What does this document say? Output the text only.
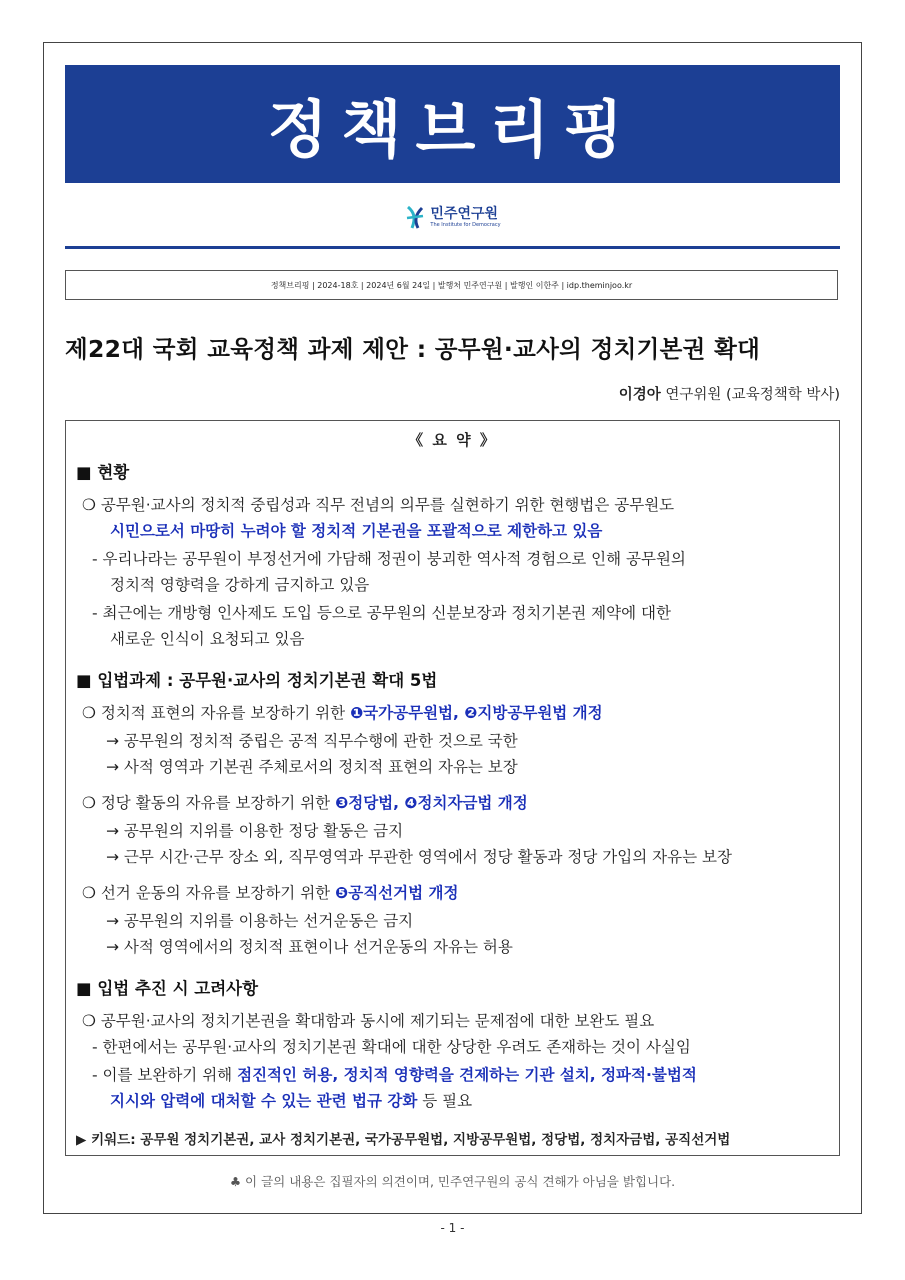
정책브리핑
민주연구원
The Institute for Democracy
정책브리핑 | 2024-18호 | 2024년 6월 24일 | 발행처 민주연구원 | 발행인 이한주 | idp.theminjoo.kr
제22대 국회 교육정책 과제 제안 : 공무원·교사의 정치기본권 확대
이경아 연구위원 (교육정책학 박사)
《 요 약 》
■ 현황
❍ 공무원·교사의 정치적 중립성과 직무 전념의 의무를 실현하기 위한 현행법은 공무원도
시민으로서 마땅히 누려야 할 정치적 기본권을 포괄적으로 제한하고 있음
- 우리나라는 공무원이 부정선거에 가담해 정권이 붕괴한 역사적 경험으로 인해 공무원의
정치적 영향력을 강하게 금지하고 있음
- 최근에는 개방형 인사제도 도입 등으로 공무원의 신분보장과 정치기본권 제약에 대한
새로운 인식이 요청되고 있음
■ 입법과제 : 공무원·교사의 정치기본권 확대 5법
❍ 정치적 표현의 자유를 보장하기 위한 ❶국가공무원법, ❷지방공무원법 개정
→ 공무원의 정치적 중립은 공적 직무수행에 관한 것으로 국한
→ 사적 영역과 기본권 주체로서의 정치적 표현의 자유는 보장
❍ 정당 활동의 자유를 보장하기 위한 ❸정당법, ❹정치자금법 개정
→ 공무원의 지위를 이용한 정당 활동은 금지
→ 근무 시간·근무 장소 외, 직무영역과 무관한 영역에서 정당 활동과 정당 가입의 자유는 보장
❍ 선거 운동의 자유를 보장하기 위한 ❺공직선거법 개정
→ 공무원의 지위를 이용하는 선거운동은 금지
→ 사적 영역에서의 정치적 표현이나 선거운동의 자유는 허용
■ 입법 추진 시 고려사항
❍ 공무원·교사의 정치기본권을 확대함과 동시에 제기되는 문제점에 대한 보완도 필요
- 한편에서는 공무원·교사의 정치기본권 확대에 대한 상당한 우려도 존재하는 것이 사실임
- 이를 보완하기 위해 점진적인 허용, 정치적 영향력을 견제하는 기관 설치, 정파적·불법적
지시와 압력에 대처할 수 있는 관련 법규 강화 등 필요
▶ 키워드: 공무원 정치기본권, 교사 정치기본권, 국가공무원법, 지방공무원법, 정당법, 정치자금법, 공직선거법
♣ 이 글의 내용은 집필자의 의견이며, 민주연구원의 공식 견해가 아님을 밝힙니다.
- 1 -
